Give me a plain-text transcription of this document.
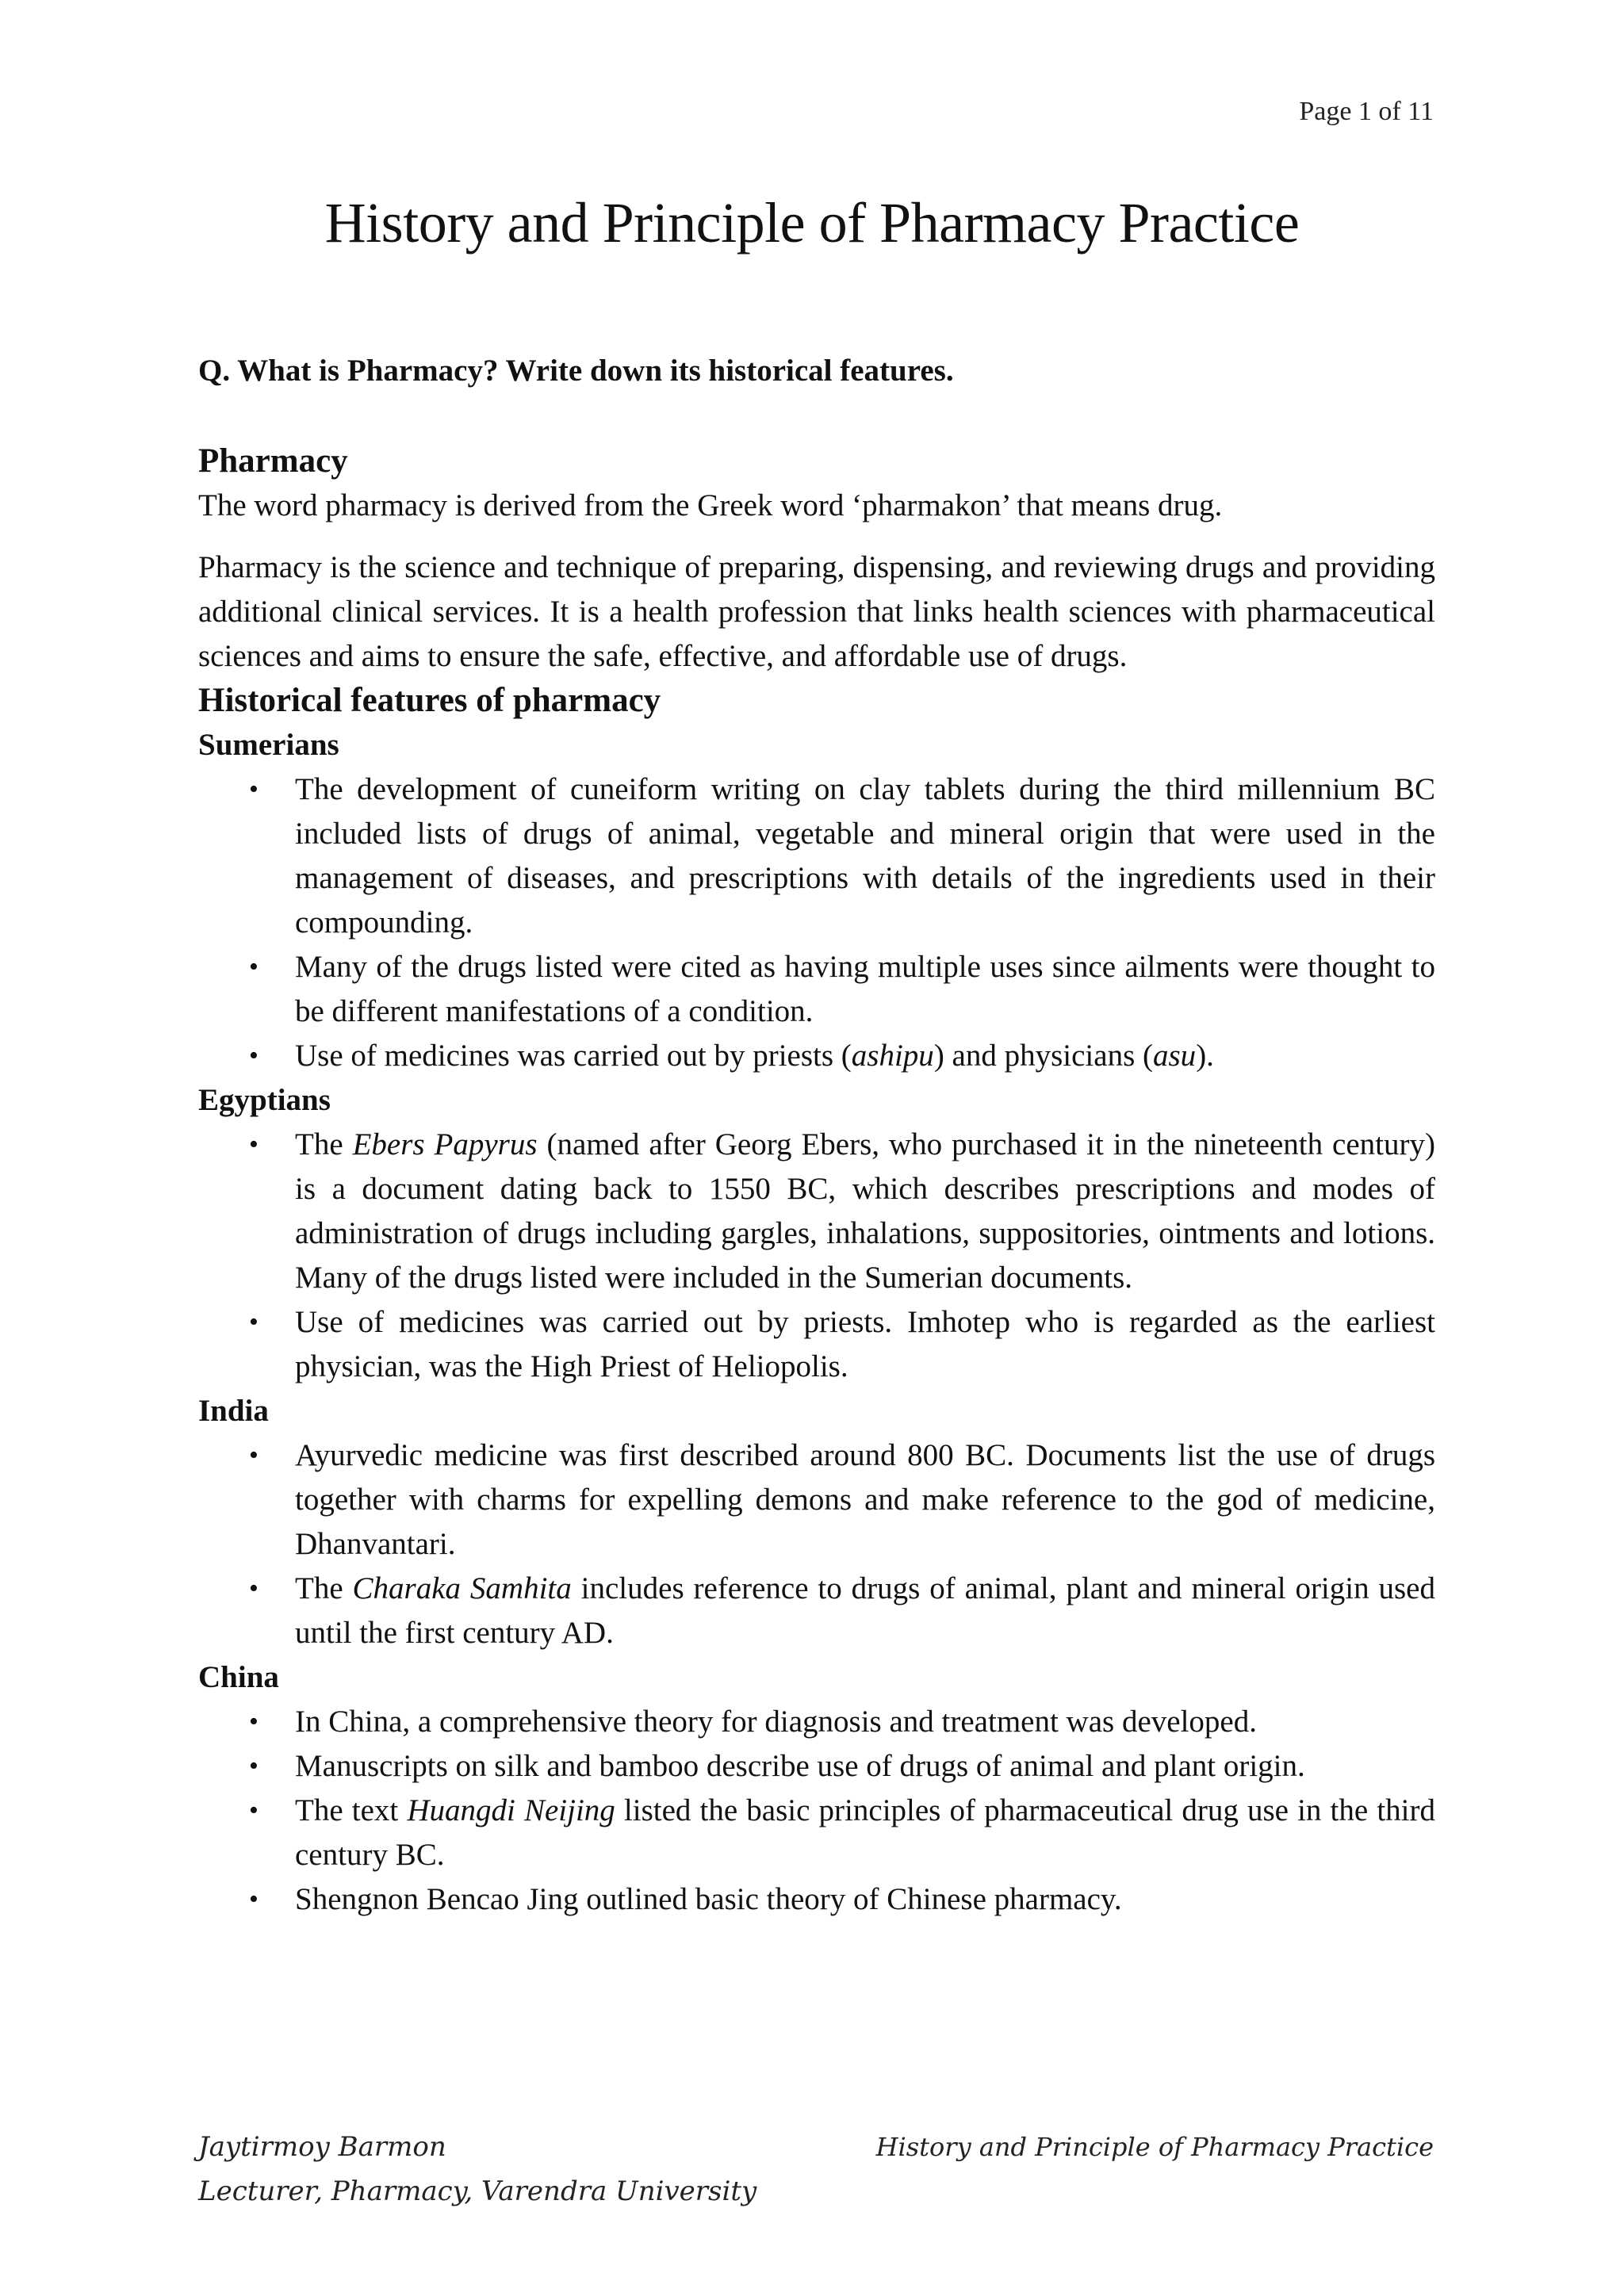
Page 1 of 11
History and Principle of Pharmacy Practice

Q. What is Pharmacy? Write down its historical features.

Pharmacy

The word pharmacy is derived from the Greek word ‘pharmakon’ that means drug.

Pharmacy is the science and technique of preparing, dispensing, and reviewing drugs and providing additional clinical services. It is a health profession that links health sciences with pharmaceutical sciences and aims to ensure the safe, effective, and affordable use of drugs.

Historical features of pharmacy
Sumerians
• The development of cuneiform writing on clay tablets during the third millennium BC included lists of drugs of animal, vegetable and mineral origin that were used in the management of diseases, and prescriptions with details of the ingredients used in their compounding.
• Many of the drugs listed were cited as having multiple uses since ailments were thought to be different manifestations of a condition.
• Use of medicines was carried out by priests (ashipu) and physicians (asu).
Egyptians
• The Ebers Papyrus (named after Georg Ebers, who purchased it in the nineteenth century) is a document dating back to 1550 BC, which describes prescriptions and modes of administration of drugs including gargles, inhalations, suppositories, ointments and lotions. Many of the drugs listed were included in the Sumerian documents.
• Use of medicines was carried out by priests. Imhotep who is regarded as the earliest physician, was the High Priest of Heliopolis.
India
• Ayurvedic medicine was first described around 800 BC. Documents list the use of drugs together with charms for expelling demons and make reference to the god of medicine, Dhanvantari.
• The Charaka Samhita includes reference to drugs of animal, plant and mineral origin used until the first century AD.
China
• In China, a comprehensive theory for diagnosis and treatment was developed.
• Manuscripts on silk and bamboo describe use of drugs of animal and plant origin.
• The text Huangdi Neijing listed the basic principles of pharmaceutical drug use in the third century BC.
• Shengnon Bencao Jing outlined basic theory of Chinese pharmacy.
Jaytirmoy Barmon
Lecturer, Pharmacy, Varendra University
History and Principle of Pharmacy Practice
